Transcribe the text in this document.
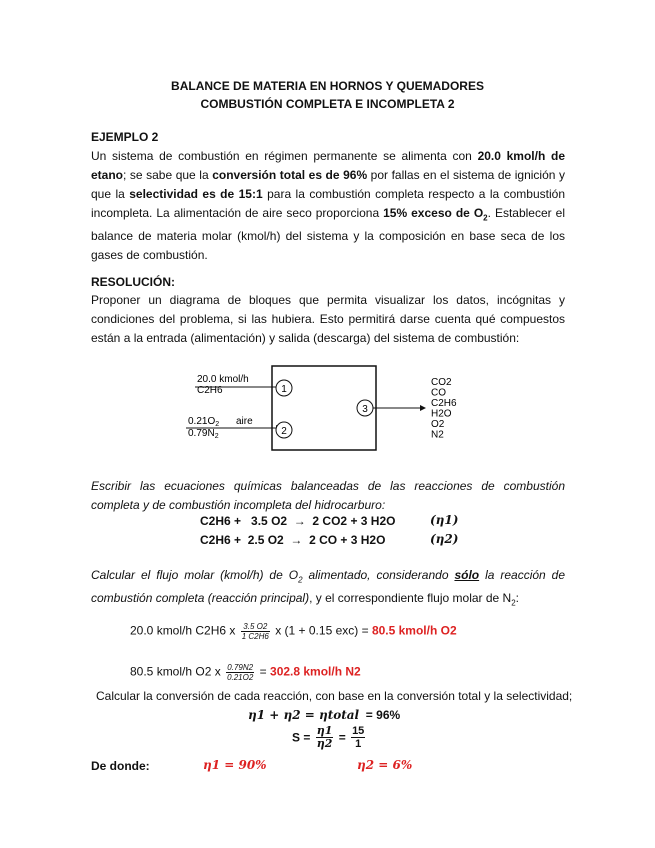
BALANCE DE MATERIA EN HORNOS Y QUEMADORES
COMBUSTIÓN COMPLETA E INCOMPLETA 2
EJEMPLO 2
Un sistema de combustión en régimen permanente se alimenta con 20.0 kmol/h de etano; se sabe que la conversión total es de 96% por fallas en el sistema de ignición y que la selectividad es de 15:1 para la combustión completa respecto a la combustión incompleta. La alimentación de aire seco proporciona 15% exceso de $O_2$. Establecer el balance de materia molar (kmol/h) del sistema y la composición en base seca de los gases de combustión.
RESOLUCIÓN:
Proponer un diagrama de bloques que permita visualizar los datos, incógnitas y condiciones del problema, si las hubiera. Esto permitirá darse cuenta qué compuestos están a la entrada (alimentación) y salida (descarga) del sistema de combustión:
20.0 kmol/h
C2H6	1
$0.21O_2$ aire
$0.79N_2$	2
3
CO2
CO
C2H6
H2O
O2
N2
Escribir las ecuaciones químicas balanceadas de las reacciones de combustión completa y de combustión incompleta del hidrocarburo:
C2H6 + 3.5 O2 → 2 CO2 + 3 H2O	(η1)
C2H6 + 2.5 O2 → 2 CO + 3 H2O	(η2)
Calcular el flujo molar (kmol/h) de $O_2$ alimentado, considerando sólo la reacción de combustión completa (reacción principal), y el correspondiente flujo molar de $N_2$:
20.0 kmol/h C2H6 x $\frac{3.5 O2}{1 C2H6}$ x (1 + 0.15 exc) = 80.5 kmol/h O2
80.5 kmol/h O2 x $\frac{0.79N2}{0.21O2} = 302.8$ kmol/h N2
Calcular la conversión de cada reacción, con base en la conversión total y la selectividad;
η1 + η2 = ηtotal = 96%
$S = \frac{\eta 1}{\eta 2} = \frac{15}{1}$
De donde:	η1 = 90%	η2 = 6%
